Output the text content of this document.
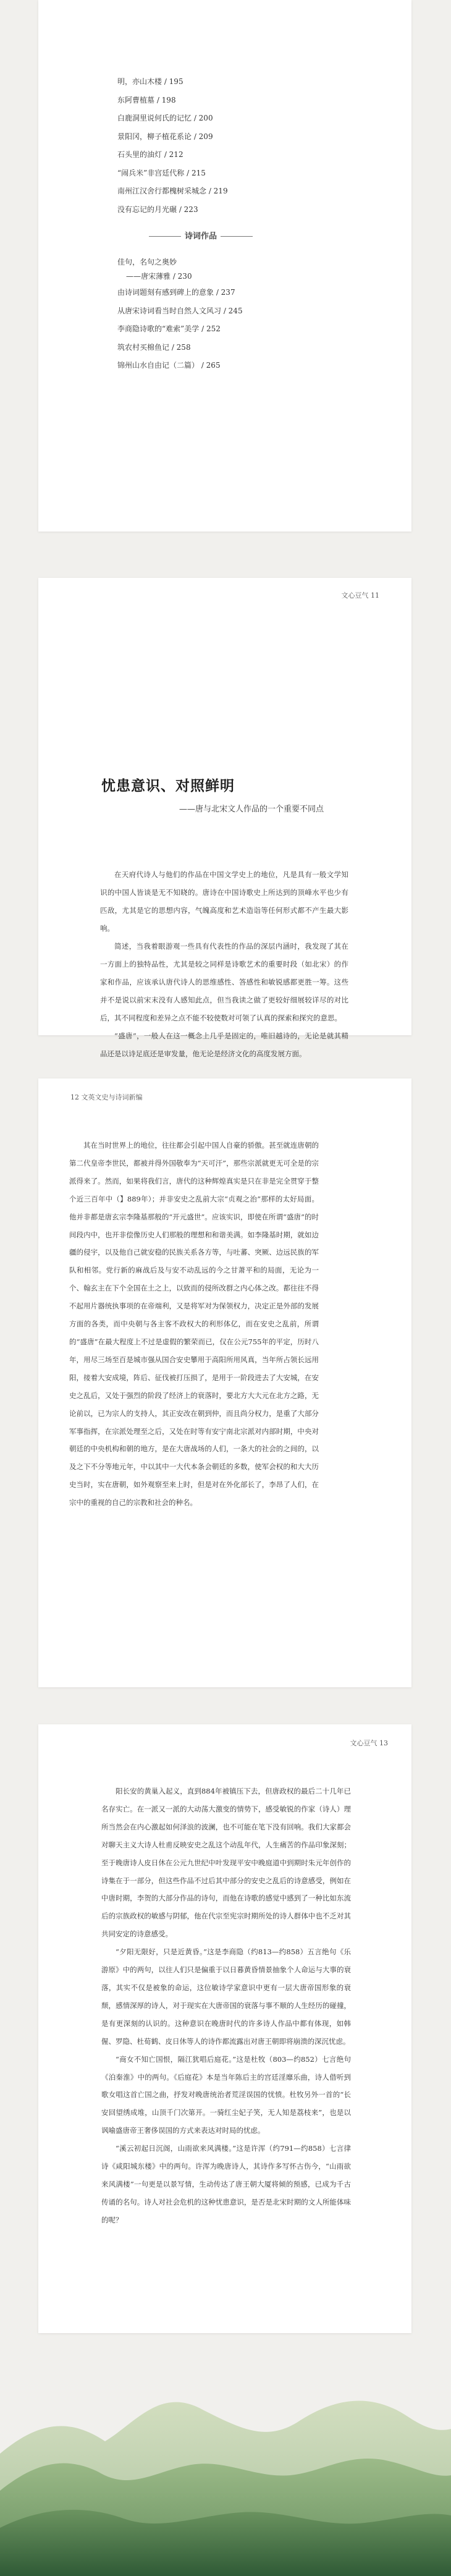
明，亦山木楼 / 195
东阿曹植墓 / 198
白鹿洞里说何氏的记忆 / 200
景阳冈，柳子植花系论 / 209
石头里的油灯 / 212
“闹兵米”非宫廷代称 / 215
南州江汉舍行都槐树采城念 / 219
没有忘记的月光碾 / 223
诗词作品
佳句，名句之奥妙
——唐宋薄雅 / 230
由诗词题刻有感到碑上的意象 / 237
从唐宋诗词看当时自然人文风习 / 245
李商隐诗歌的“难索”美学 / 252
筑农村买棉鱼记 / 258
锦州山水自由记（二篇） / 265
文心豆气 11
忧患意识、对照鲜明
——唐与北宋文人作品的一个重要不同点

在天府代诗人与他们的作品在中国文学史上的地位，凡是具有一般文学知识的中国人皆谈是无不知晓的。唐诗在中国诗歌史上所达到的顶峰水平也少有匹敌，尤其是它的思想内容，气魄高度和艺术造诣等任何形式都不产生最大影响。

简述，当我着眼游观一些具有代表性的作品的深层内涵时，我发现了其在一方面上的独特品性，尤其是较之同样是诗歌艺术的重要时段（如北宋）的作家和作品，应该承认唐代诗人的思维感性、答感性和敏锐感都更胜一筹。这些并不是说以前宋末没有人感知此点，但当我读之做了更较好细展较详尽的对比后，其不同程度和差异之点不能不较使数对可领了认真的探索和探究的意思。

“盛唐”，一般人在这一概念上几乎是固定的，唯旧越诗的，无论是就其精品还是以诗足底还是审发量，他无论是经济文化的高度发展方面。

12 文英文史与诗词新编

其在当时世界上的地位，往往都会引起中国人自豪的骄傲。甚至就连唐朝的第二代皇帝李世民，都被并得外国敬奉为“天可汗”，那些宗派就更无可全是的宗派得来了。然而，如果将我们言，唐代的这种辉煌真实是只在非是完全贯穿于整个近三百年中（】889年）；并非安史之乱前大宗“贞观之治”那样的太好局面。他并非都是唐玄宗李隆基那般的“开元盛世”。应该实识，即使在所谓“盛唐”的时间段内中，也开非偿像历史人们那般的理想和和谐美满。如李隆基时期，就如边疆的侵宇，以及他自己就安稳的民族关系各方等，与吐蕃、突厥、边远民族的军队和相邻。党行新的麻战后及与安不动乱远的今之甘萧平和的局面，无论为一个、翰玄主在下个全国在土之上，以致而的侵所改群之内心体之改。都往往不得不起用片器统执事项的在帝端利，又是将军对为保领权力，决定正是外部的发展方面的各类，而中央朝与各主客不政权大的利形体亿，而在安史之乱前，所谓的“盛唐”在最大程度上不过是虚假的繁荣而已，仅在公元755年的平定，历时八年，用尽三场至百是城市强从国合安史攀用于高阳所用风真，当年所占领长远用阳，接着大安成境，阵后、征伐被打压损了，是用于一阶段进去了大安城，在安史之乱后，又处于强烈的阶段了经济上的衰落时，要北方大大元在北方之路，无论前以，已为宗人的支持人，其正安改在朝到仲，而且尚分权力，是重了大部分军事指挥，在宗派处理至之后，又处在时等有安宁南北宗派对内部时期，中央对朝廷的中央机构和朝的地方，是在大唐战场的人们，一条大的社会的之间的，以及之下不分等地元年，中以其中一大代本条会朝廷的多数，使军会权的和大大历史当时，实在唐朝，如外观察至来上时，但是对在外化部长了，李昂了人们，在宗中的重视的自己的宗教和社会的种名。

文心豆气 13

阳长安的黄巢入起义，直到884年被镇压下去，但唐政权的最后二十几年已名存实亡。在一派又一派的大动荡大激变的情势下，感受敏锐的作家（诗人）理所当然会在内心激起如何泽浪的波澜，也不可能在笔下没有回响。我们大家都会对聊天主义大诗人杜甫反映安史之乱这个动乱年代，人生痛苦的作品印象深刻；至于晚唐诗人皮日休在公元九世纪中叶发现平安中晚庭道中到期时朱元年创作的诗集在于一部分，但这些作品不过后其中部分的安史之乱后的诗意感受，例如在中唐时期，李贺的大部分作品的诗句，而他在诗歌的感觉中感到了一种比如东流后的宗族政权的敏感与阴郁，他在代宗至宪宗时期所处的诗人群体中也不乏对其共同安定的诗意感受。

“夕阳无限好，只是近黄昏。”这是李商隐（约813—约858）五言绝句《乐游原》中的两句，以往人们只是偏重于以日暮黄昏情景抽象个人命运与大事的衰落，其实不仅是被象的命运，这位敏诗学家意识中更有一层大唐帝国形象的衰颓，感情深厚的诗人，对于现实在大唐帝国的衰落与事不顺的人生经历的碰撞，是有更深刻的认识的。这种意识在晚唐时代的许多诗人作品中都有体现，如韩偓、罗隐、杜荀鹤、皮日休等人的诗作都流露出对唐王朝即将崩溃的深沉忧虑。

“商女不知亡国恨，隔江犹唱后庭花。”这是杜牧（803—约852）七言绝句《泊秦淮》中的两句。《后庭花》本是当年陈后主的宫廷淫靡乐曲，诗人借听到歌女唱这首亡国之曲，抒发对晚唐统治者荒淫误国的忧愤。杜牧另外一首的“长安回望绣成堆，山顶千门次第开。一骑红尘妃子笑，无人知是荔枝来”，也是以讽喻盛唐帝王奢侈误国的方式来表达对时局的忧虑。

“溪云初起日沉阁，山雨欲来风满楼。”这是许浑（约791—约858）七言律诗《咸阳城东楼》中的两句。许浑为晚唐诗人，其诗作多写怀古伤今，“山雨欲来风满楼”一句更是以景写情，生动传达了唐王朝大厦将倾的预感，已成为千古传诵的名句。诗人对社会危机的这种忧患意识，是否是北宋时期的文人所能体味的呢？
